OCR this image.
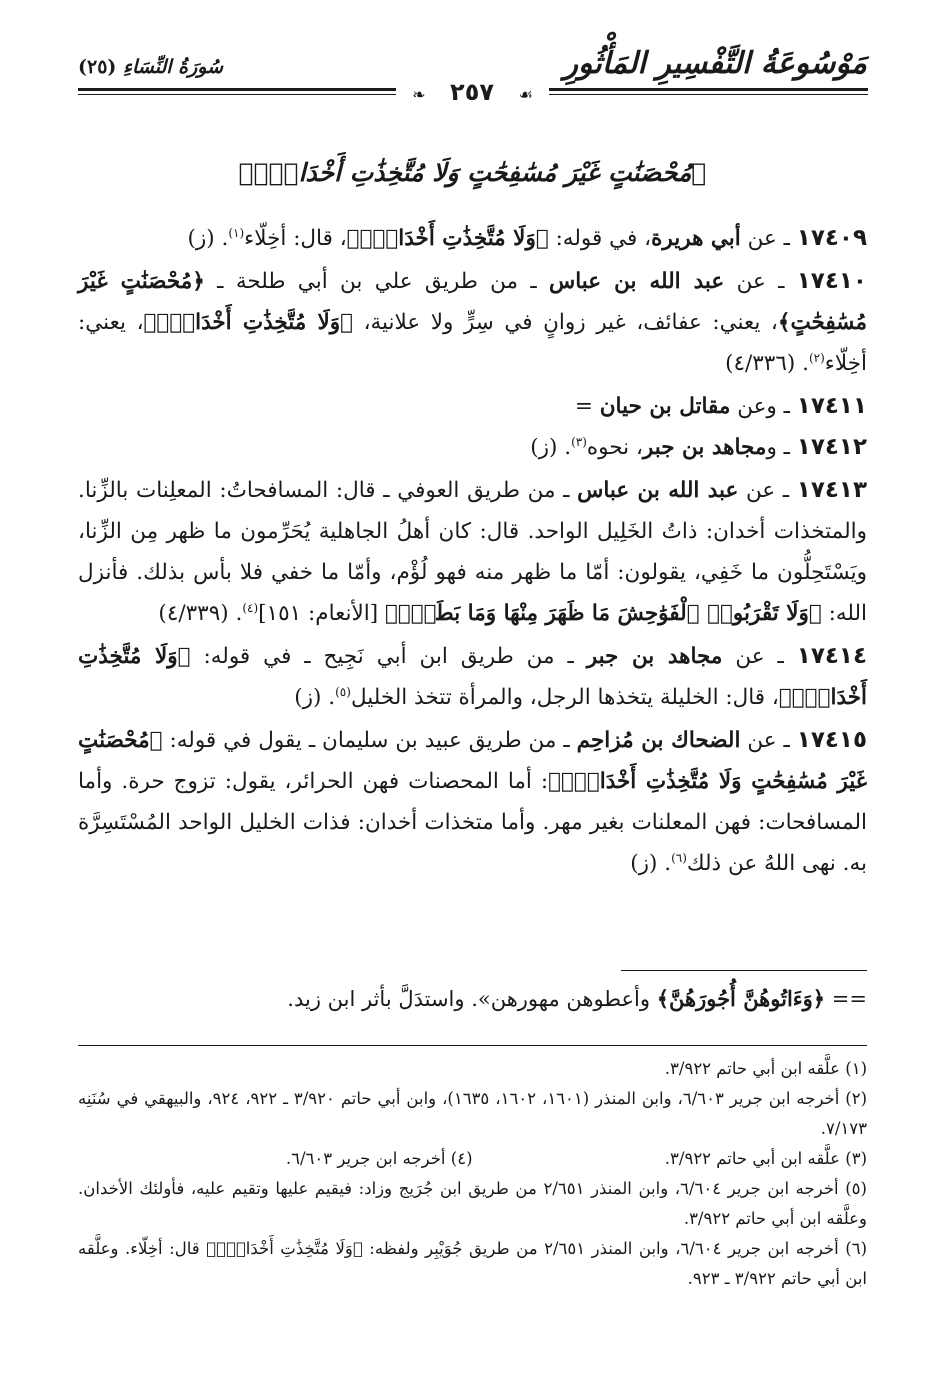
مَوْسُوعَةُ التَّفْسِيرِ المَأْثُورِ
سُورَةُ النِّسَاءِ (٢٥)
❧ ٢٥٧ ☙
﴿مُحْصَنَٰتٍ غَيْرَ مُسَٰفِحَٰتٍ وَلَا مُتَّخِذَٰتِ أَخْدَانٍۚ﴾

١٧٤٠٩ ـ عن أبي هريرة، في قوله: ﴿وَلَا مُتَّخِذَٰتِ أَخْدَانٍۚ﴾، قال: أخِلّاء$^{(١)}$. (ز)

١٧٤١٠ ـ عن عبد الله بن عباس ـ من طريق علي بن أبي طلحة ـ ﴿مُحْصَنَٰتٍ غَيْرَ مُسَٰفِحَٰتٍ﴾، يعني: عفائف، غير زوانٍ في سِرٍّ ولا علانية، ﴿وَلَا مُتَّخِذَٰتِ أَخْدَانٍۚ﴾، يعني: أخِلّاء$^{(٢)}$. (٤/٣٣٦)

١٧٤١١ ـ وعن مقاتل بن حيان =

١٧٤١٢ ـ ومجاهد بن جبر، نحوه$^{(٣)}$. (ز)

١٧٤١٣ ـ عن عبد الله بن عباس ـ من طريق العوفي ـ قال: المسافحاتُ: المعلِنات بالزِّنا. والمتخذات أخدان: ذاتُ الخَلِيل الواحد. قال: كان أهلُ الجاهلية يُحَرِّمون ما ظهر مِن الزِّنا، ويَسْتَحِلُّون ما خَفِي، يقولون: أمّا ما ظهر منه فهو لُؤْم، وأمّا ما خفي فلا بأس بذلك. فأنزل الله: ﴿وَلَا تَقْرَبُوا۟ ٱلْفَوَٰحِشَ مَا ظَهَرَ مِنْهَا وَمَا بَطَنَۖ﴾ [الأنعام: ١٥١]$^{(٤)}$. (٤/٣٣٩)

١٧٤١٤ ـ عن مجاهد بن جبر ـ من طريق ابن أبي نَجِيح ـ في قوله: ﴿وَلَا مُتَّخِذَٰتِ أَخْدَانٍۚ﴾، قال: الخليلة يتخذها الرجل، والمرأة تتخذ الخليل$^{(٥)}$. (ز)

١٧٤١٥ ـ عن الضحاك بن مُزاحِم ـ من طريق عبيد بن سليمان ـ يقول في قوله: ﴿مُحْصَنَٰتٍ غَيْرَ مُسَٰفِحَٰتٍ وَلَا مُتَّخِذَٰتِ أَخْدَانٍۚ﴾: أما المحصنات فهن الحرائر، يقول: تزوج حرة. وأما المسافحات: فهن المعلنات بغير مهر. وأما متخذات أخدان: فذات الخليل الواحد المُسْتَسِرَّة به. نهى اللهُ عن ذلك$^{(٦)}$. (ز)

== ﴿وَءَاتُوهُنَّ أُجُورَهُنَّ﴾ وأعطوهن مهورهن». واستدَلَّ بأثر ابن زيد.
(١) علَّقه ابن أبي حاتم ٣/٩٢٢.
(٢) أخرجه ابن جرير ٦/٦٠٣، وابن المنذر (١٦٠١، ١٦٠٢، ١٦٣٥)، وابن أبي حاتم ٣/٩٢٠ ـ ٩٢٢، ٩٢٤، والبيهقي في سُنَنِه ٧/١٧٣.
(٣) علَّقه ابن أبي حاتم ٣/٩٢٢.
(٤) أخرجه ابن جرير ٦/٦٠٣.
(٥) أخرجه ابن جرير ٦/٦٠٤، وابن المنذر ٢/٦٥١ من طريق ابن جُرَيج وزاد: فيقيم عليها وتقيم عليه، فأولئك الأخدان. وعلَّقه ابن أبي حاتم ٣/٩٢٢.
(٦) أخرجه ابن جرير ٦/٦٠٤، وابن المنذر ٢/٦٥١ من طريق جُوَيْبِر ولفظه: ﴿وَلَا مُتَّخِذَٰتِ أَخْدَانٍۚ﴾ قال: أخِلّاء. وعلَّقه ابن أبي حاتم ٣/٩٢٢ ـ ٩٢٣.
